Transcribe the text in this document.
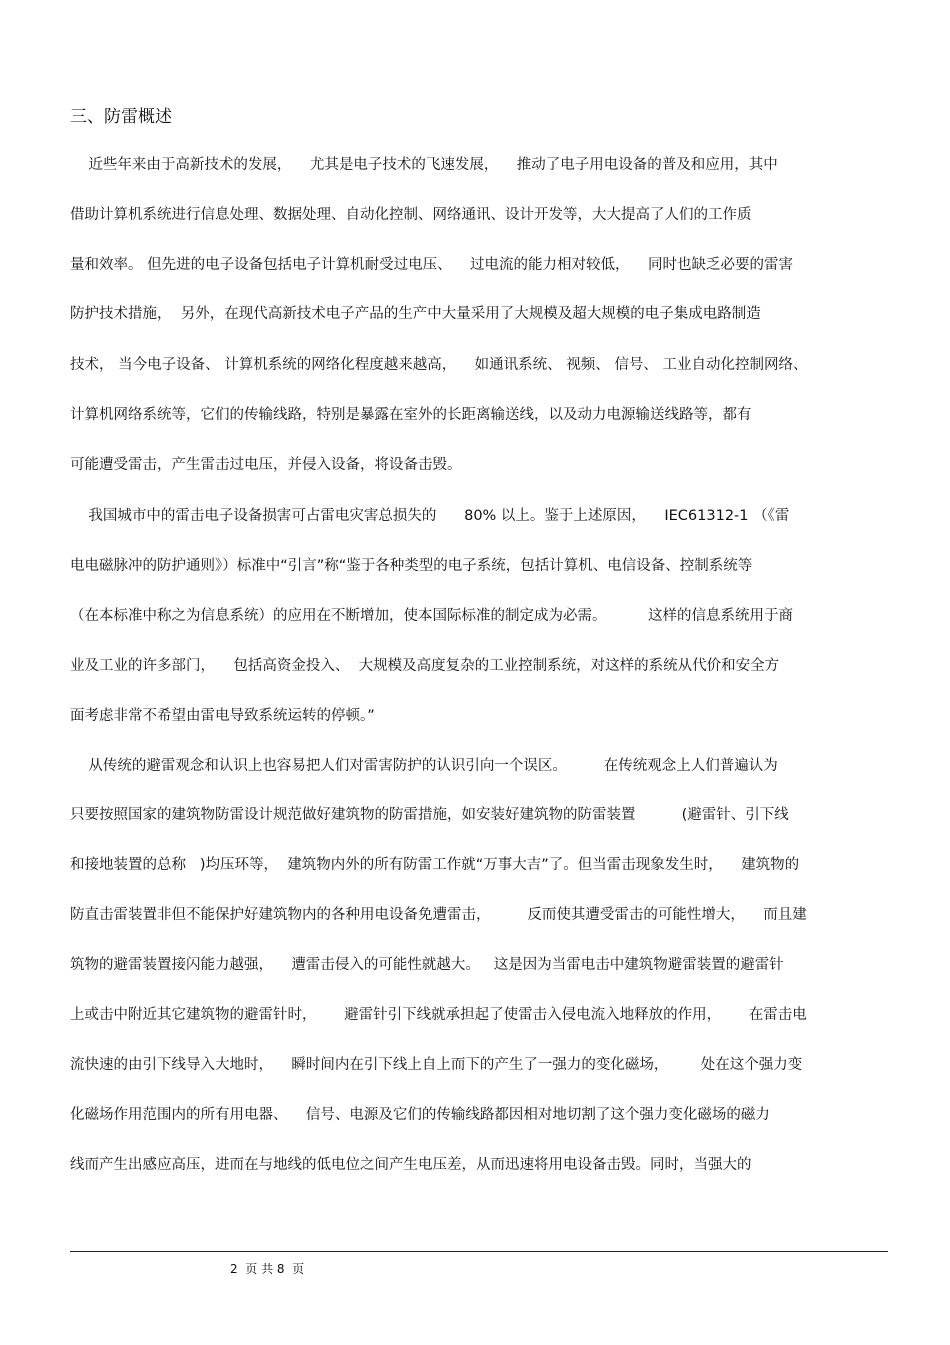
三、防雷概述
近些年来由于高新技术的发展，    尤其是电子技术的飞速发展，    推动了电子用电设备的普及和应用，其中
借助计算机系统进行信息处理、数据处理、自动化控制、网络通讯、设计开发等，大大提高了人们的工作质
量和效率。 但先进的电子设备包括电子计算机耐受过电压、    过电流的能力相对较低，    同时也缺乏必要的雷害
防护技术措施，  另外，在现代高新技术电子产品的生产中大量采用了大规模及超大规模的电子集成电路制造
技术， 当今电子设备、 计算机系统的网络化程度越来越高，    如通讯系统、 视频、 信号、 工业自动化控制网络、
计算机网络系统等，它们的传输线路，特别是暴露在室外的长距离输送线，以及动力电源输送线路等，都有
可能遭受雷击，产生雷击过电压，并侵入设备，将设备击毁。
我国城市中的雷击电子设备损害可占雷电灾害总损失的      80% 以上。鉴于上述原因，    IEC61312-1 （《雷
电电磁脉冲的防护通则》）标准中“引言”称“鉴于各种类型的电子系统，包括计算机、电信设备、控制系统等
（在本标准中称之为信息系统）的应用在不断增加，使本国际标准的制定成为必需。         这样的信息系统用于商
业及工业的许多部门，    包括高资金投入、  大规模及高度复杂的工业控制系统，对这样的系统从代价和安全方
面考虑非常不希望由雷电导致系统运转的停顿。”
从传统的避雷观念和认识上也容易把人们对雷害防护的认识引向一个误区。        在传统观念上人们普遍认为
只要按照国家的建筑物防雷设计规范做好建筑物的防雷措施，如安装好建筑物的防雷装置          (避雷针、引下线
和接地装置的总称   )均压环等，  建筑物内外的所有防雷工作就“万事大吉”了。但当雷击现象发生时，    建筑物的
防直击雷装置非但不能保护好建筑物内的各种用电设备免遭雷击，        反而使其遭受雷击的可能性增大，    而且建
筑物的避雷装置接闪能力越强，    遭雷击侵入的可能性就越大。   这是因为当雷电击中建筑物避雷装置的避雷针
上或击中附近其它建筑物的避雷针时，      避雷针引下线就承担起了使雷击入侵电流入地释放的作用，      在雷击电
流快速的由引下线导入大地时，    瞬时间内在引下线上自上而下的产生了一强力的变化磁场，       处在这个强力变
化磁场作用范围内的所有用电器、    信号、电源及它们的传输线路都因相对地切割了这个强力变化磁场的磁力
线而产生出感应高压，进而在与地线的低电位之间产生电压差，从而迅速将用电设备击毁。同时，当强大的
2  页 共 8  页
